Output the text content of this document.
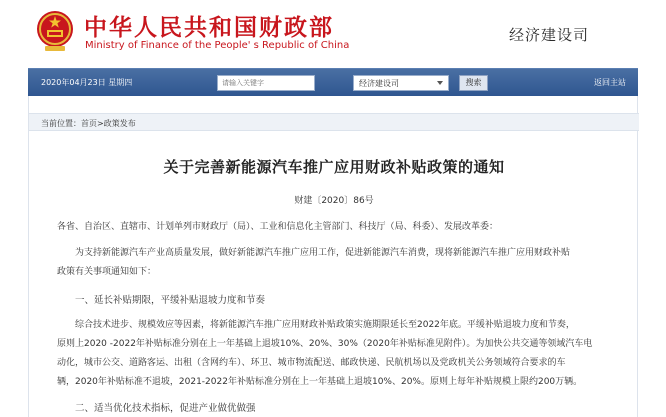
中华人民共和国财政部
Ministry of Finance of the People' s Republic of China
经济建设司
2020年04月23日 星期四
请输入关键字	经济建设司	搜索	返回主站
当前位置：首页>政策发布
关于完善新能源汽车推广应用财政补贴政策的通知
财建〔2020〕86号
各省、自治区、直辖市、计划单列市财政厅（局）、工业和信息化主管部门、科技厅（局、科委）、发展改革委：
为支持新能源汽车产业高质量发展，做好新能源汽车推广应用工作，促进新能源汽车消费，现将新能源汽车推广应用财政补贴
政策有关事项通知如下：
一、延长补贴期限，平缓补贴退坡力度和节奏
综合技术进步、规模效应等因素，将新能源汽车推广应用财政补贴政策实施期限延长至2022年底。平缓补贴退坡力度和节奏，
原则上2020 -2022年补贴标准分别在上一年基础上退坡10%、20%、30%（2020年补贴标准见附件）。为加快公共交通等领域汽车电
动化，城市公交、道路客运、出租（含网约车）、环卫、城市物流配送、邮政快递、民航机场以及党政机关公务领域符合要求的车
辆，2020年补贴标准不退坡，2021-2022年补贴标准分别在上一年基础上退坡10%、20%。原则上每年补贴规模上限约200万辆。
二、适当优化技术指标，促进产业做优做强
